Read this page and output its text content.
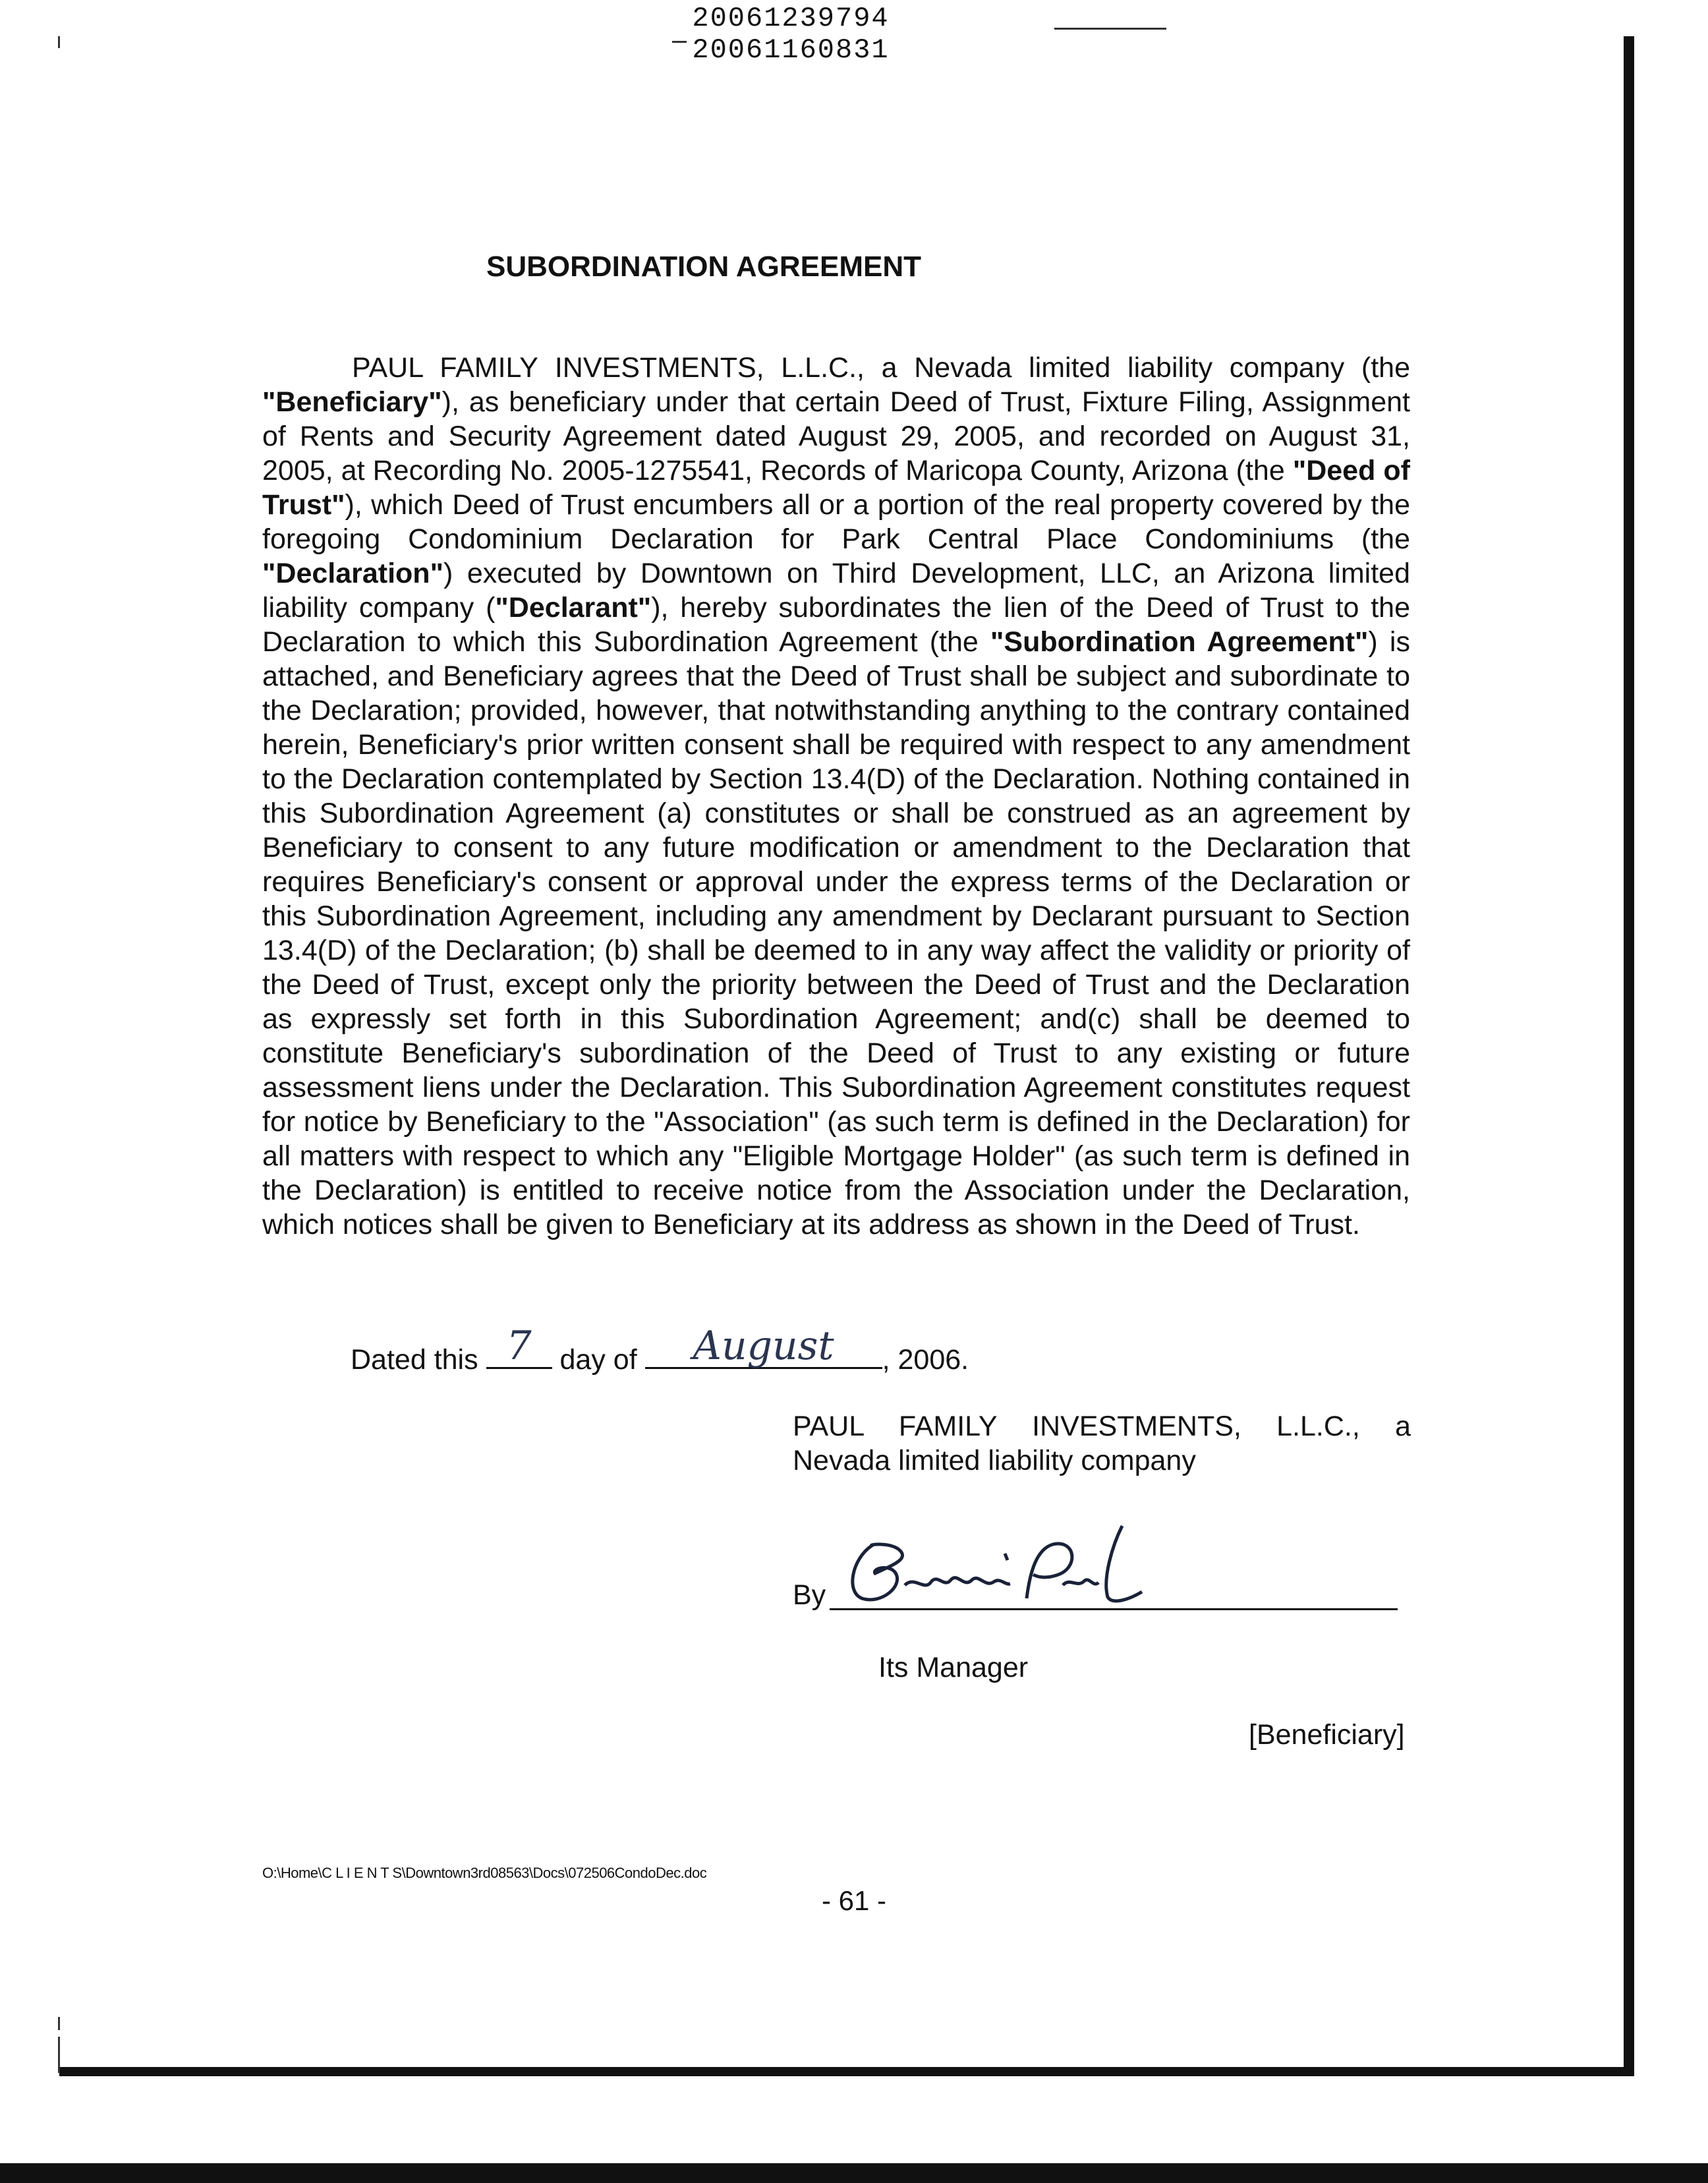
20061239794
20061160831
SUBORDINATION AGREEMENT

PAUL FAMILY INVESTMENTS, L.L.C., a Nevada limited liability company (the "Beneficiary"), as beneficiary under that certain Deed of Trust, Fixture Filing, Assignment of Rents and Security Agreement dated August 29, 2005, and recorded on August 31, 2005, at Recording No. 2005-1275541, Records of Maricopa County, Arizona (the "Deed of Trust"), which Deed of Trust encumbers all or a portion of the real property covered by the foregoing Condominium Declaration for Park Central Place Condominiums (the "Declaration") executed by Downtown on Third Development, LLC, an Arizona limited liability company ("Declarant"), hereby subordinates the lien of the Deed of Trust to the Declaration to which this Subordination Agreement (the "Subordination Agreement") is attached, and Beneficiary agrees that the Deed of Trust shall be subject and subordinate to the Declaration; provided, however, that notwithstanding anything to the contrary contained herein, Beneficiary's prior written consent shall be required with respect to any amendment to the Declaration contemplated by Section 13.4(D) of the Declaration. Nothing contained in this Subordination Agreement (a) constitutes or shall be construed as an agreement by Beneficiary to consent to any future modification or amendment to the Declaration that requires Beneficiary's consent or approval under the express terms of the Declaration or this Subordination Agreement, including any amendment by Declarant pursuant to Section 13.4(D) of the Declaration; (b) shall be deemed to in any way affect the validity or priority of the Deed of Trust, except only the priority between the Deed of Trust and the Declaration as expressly set forth in this Subordination Agreement; and(c) shall be deemed to constitute Beneficiary's subordination of the Deed of Trust to any existing or future assessment liens under the Declaration. This Subordination Agreement constitutes request for notice by Beneficiary to the "Association" (as such term is defined in the Declaration) for all matters with respect to which any "Eligible Mortgage Holder" (as such term is defined in the Declaration) is entitled to receive notice from the Association under the Declaration, which notices shall be given to Beneficiary at its address as shown in the Deed of Trust.

Dated this 7 day of	August	, 2006.
PAUL FAMILY INVESTMENTS, L.L.C., a
Nevada limited liability company
By
Its Manager
[Beneficiary]
O:\Home\C L I E N T S\Downtown3rd08563\Docs\072506CondoDec.doc
- 61 -
